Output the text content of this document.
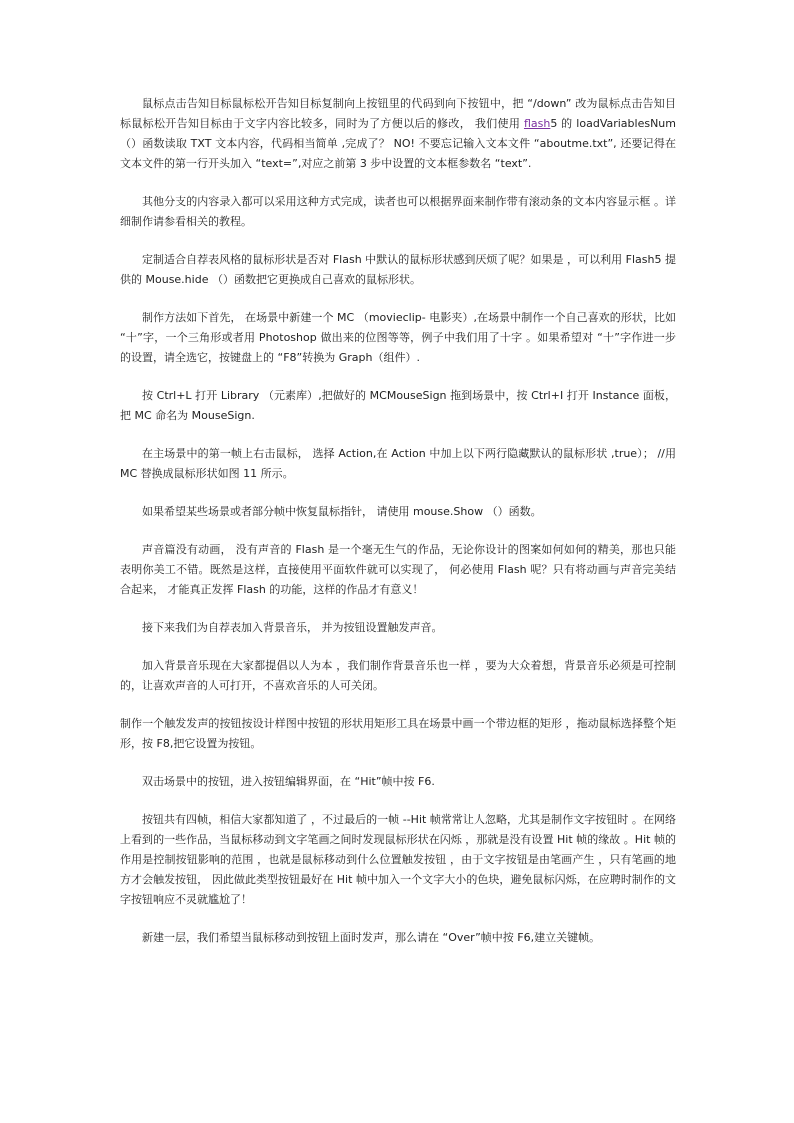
鼠标点击告知目标鼠标松开告知目标复制向上按钮里的代码到向下按钮中，把 “/down” 改为鼠标点击告知目标鼠标松开告知目标由于文字内容比较多，同时为了方便以后的修改， 我们使用 flash5 的 loadVariablesNum （）函数读取 TXT 文本内容，代码相当简单 ,完成了？ NO! 不要忘记输入文本文件 “aboutme.txt”, 还要记得在文本文件的第一行开头加入 “text=”,对应之前第 3 步中设置的文本框参数名 “text”.

其他分支的内容录入都可以采用这种方式完成，读者也可以根据界面来制作带有滚动条的文本内容显示框 。详细制作请参看相关的教程。

定制适合自荐表风格的鼠标形状是否对 Flash 中默认的鼠标形状感到厌烦了呢？如果是 ，可以利用 Flash5 提供的 Mouse.hide （）函数把它更换成自己喜欢的鼠标形状。

制作方法如下首先， 在场景中新建一个 MC （movieclip- 电影夹）,在场景中制作一个自己喜欢的形状，比如 “十”字，一个三角形或者用 Photoshop 做出来的位图等等，例子中我们用了十字 。如果希望对 “十”字作进一步的设置，请全选它，按键盘上的 “F8”转换为 Graph（组件）.

按 Ctrl+L 打开 Library （元素库）,把做好的 MCMouseSign 拖到场景中，按 Ctrl+I 打开 Instance 面板，把 MC 命名为 MouseSign.

在主场景中的第一帧上右击鼠标， 选择 Action,在 Action 中加上以下两行隐藏默认的鼠标形状 ,true）； //用 MC 替换成鼠标形状如图 11 所示。

如果希望某些场景或者部分帧中恢复鼠标指针， 请使用 mouse.Show （）函数。

声音篇没有动画， 没有声音的 Flash 是一个毫无生气的作品，无论你设计的图案如何如何的精美，那也只能表明你美工不错。既然是这样，直接使用平面软件就可以实现了， 何必使用 Flash 呢？只有将动画与声音完美结合起来， 才能真正发挥 Flash 的功能，这样的作品才有意义！

接下来我们为自荐表加入背景音乐， 并为按钮设置触发声音。

加入背景音乐现在大家都提倡以人为本 ，我们制作背景音乐也一样 ，要为大众着想，背景音乐必须是可控制的，让喜欢声音的人可打开，不喜欢音乐的人可关闭。

制作一个触发发声的按钮按设计样图中按钮的形状用矩形工具在场景中画一个带边框的矩形 ，拖动鼠标选择整个矩形，按 F8,把它设置为按钮。

双击场景中的按钮，进入按钮编辑界面，在 “Hit”帧中按 F6.

按钮共有四帧，相信大家都知道了 ，不过最后的一帧 --Hit 帧常常让人忽略，尤其是制作文字按钮时 。在网络上看到的一些作品，当鼠标移动到文字笔画之间时发现鼠标形状在闪烁 ，那就是没有设置 Hit 帧的缘故 。Hit 帧的作用是控制按钮影响的范围 ，也就是鼠标移动到什么位置触发按钮 ，由于文字按钮是由笔画产生 ，只有笔画的地方才会触发按钮， 因此做此类型按钮最好在 Hit 帧中加入一个文字大小的色块，避免鼠标闪烁，在应聘时制作的文字按钮响应不灵就尴尬了！

新建一层，我们希望当鼠标移动到按钮上面时发声，那么请在 “Over”帧中按 F6,建立关键帧。
